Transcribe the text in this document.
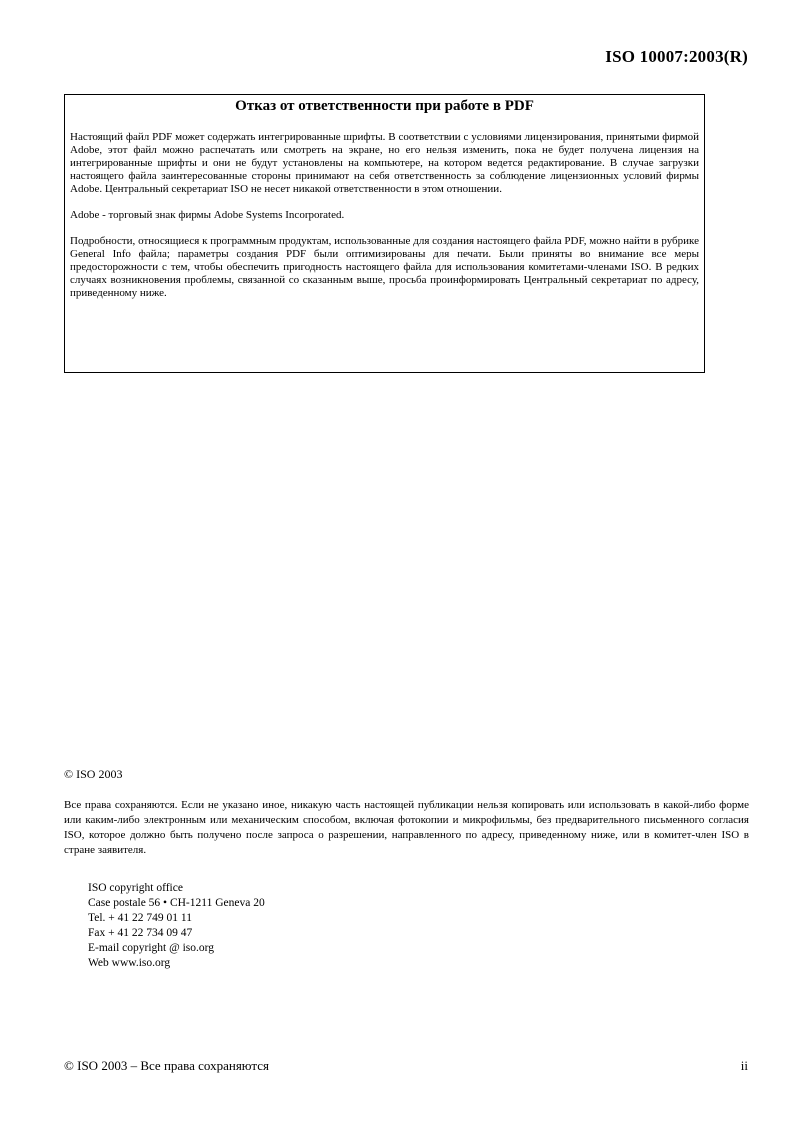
ISO 10007:2003(R)
Отказ от ответственности при работе в PDF

Настоящий файл PDF может содержать интегрированные шрифты. В соответствии с условиями лицензирования, принятыми фирмой Adobe, этот файл можно распечатать или смотреть на экране, но его нельзя изменить, пока не будет получена лицензия на интегрированные шрифты и они не будут установлены на компьютере, на котором ведется редактирование. В случае загрузки настоящего файла заинтересованные стороны принимают на себя ответственность за соблюдение лицензионных условий фирмы Adobe. Центральный секретариат ISO не несет никакой ответственности в этом отношении.

Adobe - торговый знак фирмы Adobe Systems Incorporated.

Подробности, относящиеся к программным продуктам, использованные для создания настоящего файла PDF, можно найти в рубрике General Info файла; параметры создания PDF были оптимизированы для печати. Были приняты во внимание все меры предосторожности с тем, чтобы обеспечить пригодность настоящего файла для использования комитетами-членами ISO. В редких случаях возникновения проблемы, связанной со сказанным выше, просьба проинформировать Центральный секретариат по адресу, приведенному ниже.

© ISO 2003

Все права сохраняются. Если не указано иное, никакую часть настоящей публикации нельзя копировать или использовать в какой-либо форме или каким-либо электронным или механическим способом, включая фотокопии и микрофильмы, без предварительного письменного согласия ISO, которое должно быть получено после запроса о разрешении, направленного по адресу, приведенному ниже, или в комитет-член ISO в стране заявителя.

ISO copyright office
Case postale 56 • CH-1211 Geneva 20
Tel. + 41 22 749 01 11
Fax + 41 22 734 09 47
E-mail copyright @ iso.org
Web www.iso.org
© ISO 2003 – Все права сохраняются	ii
